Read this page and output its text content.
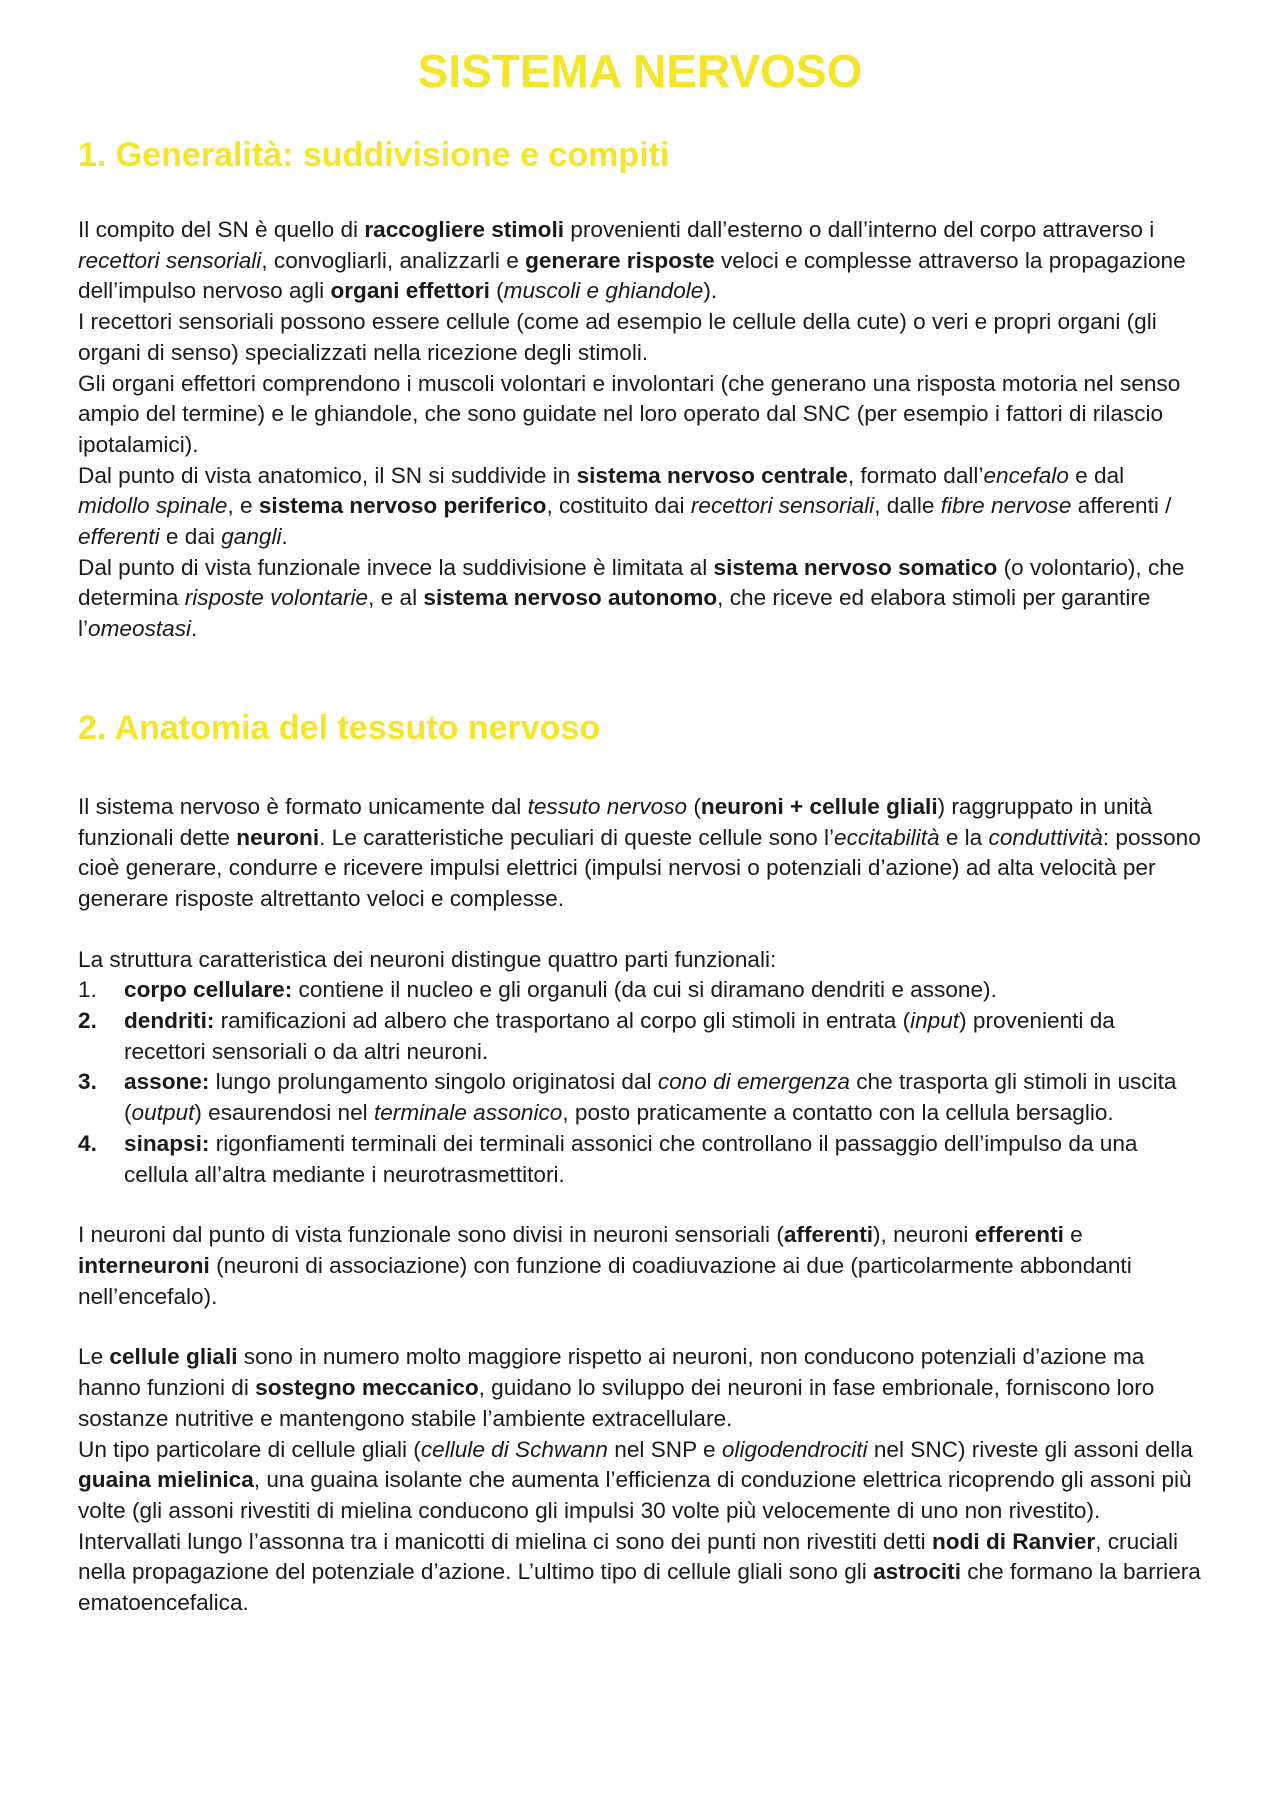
SISTEMA NERVOSO
1. Generalità: suddivisione e compiti

Il compito del SN è quello di raccogliere stimoli provenienti dall’esterno o dall’interno del corpo attraverso i recettori sensoriali, convogliarli, analizzarli e generare risposte veloci e complesse attraverso la propagazione dell’impulso nervoso agli organi effettori (muscoli e ghiandole).

I recettori sensoriali possono essere cellule (come ad esempio le cellule della cute) o veri e propri organi (gli organi di senso) specializzati nella ricezione degli stimoli.

Gli organi effettori comprendono i muscoli volontari e involontari (che generano una risposta motoria nel senso ampio del termine) e le ghiandole, che sono guidate nel loro operato dal SNC (per esempio i fattori di rilascio ipotalamici).

Dal punto di vista anatomico, il SN si suddivide in sistema nervoso centrale, formato dall’encefalo e dal midollo spinale, e sistema nervoso periferico, costituito dai recettori sensoriali, dalle fibre nervose afferenti / efferenti e dai gangli.

Dal punto di vista funzionale invece la suddivisione è limitata al sistema nervoso somatico (o volontario), che determina risposte volontarie, e al sistema nervoso autonomo, che riceve ed elabora stimoli per garantire l’omeostasi.

2. Anatomia del tessuto nervoso

Il sistema nervoso è formato unicamente dal tessuto nervoso (neuroni + cellule gliali) raggruppato in unità funzionali dette neuroni. Le caratteristiche peculiari di queste cellule sono l’eccitabilità e la conduttività: possono cioè generare, condurre e ricevere impulsi elettrici (impulsi nervosi o potenziali d’azione) ad alta velocità per generare risposte altrettanto veloci e complesse.

La struttura caratteristica dei neuroni distingue quattro parti funzionali:

1. corpo cellulare: contiene il nucleo e gli organuli (da cui si diramano dendriti e assone).
2. dendriti: ramificazioni ad albero che trasportano al corpo gli stimoli in entrata (input) provenienti da recettori sensoriali o da altri neuroni.
3. assone: lungo prolungamento singolo originatosi dal cono di emergenza che trasporta gli stimoli in uscita (output) esaurendosi nel terminale assonico, posto praticamente a contatto con la cellula bersaglio.
4. sinapsi: rigonfiamenti terminali dei terminali assonici che controllano il passaggio dell’impulso da una cellula all’altra mediante i neurotrasmettitori.

I neuroni dal punto di vista funzionale sono divisi in neuroni sensoriali (afferenti), neuroni efferenti e interneuroni (neuroni di associazione) con funzione di coadiuvazione ai due (particolarmente abbondanti nell’encefalo).

Le cellule gliali sono in numero molto maggiore rispetto ai neuroni, non conducono potenziali d’azione ma hanno funzioni di sostegno meccanico, guidano lo sviluppo dei neuroni in fase embrionale, forniscono loro sostanze nutritive e mantengono stabile l’ambiente extracellulare.

Un tipo particolare di cellule gliali (cellule di Schwann nel SNP e oligodendrociti nel SNC) riveste gli assoni della guaina mielinica, una guaina isolante che aumenta l’efficienza di conduzione elettrica ricoprendo gli assoni più volte (gli assoni rivestiti di mielina conducono gli impulsi 30 volte più velocemente di uno non rivestito). Intervallati lungo l’assonna tra i manicotti di mielina ci sono dei punti non rivestiti detti nodi di Ranvier, cruciali nella propagazione del potenziale d’azione. L’ultimo tipo di cellule gliali sono gli astrociti che formano la barriera ematoencefalica.
